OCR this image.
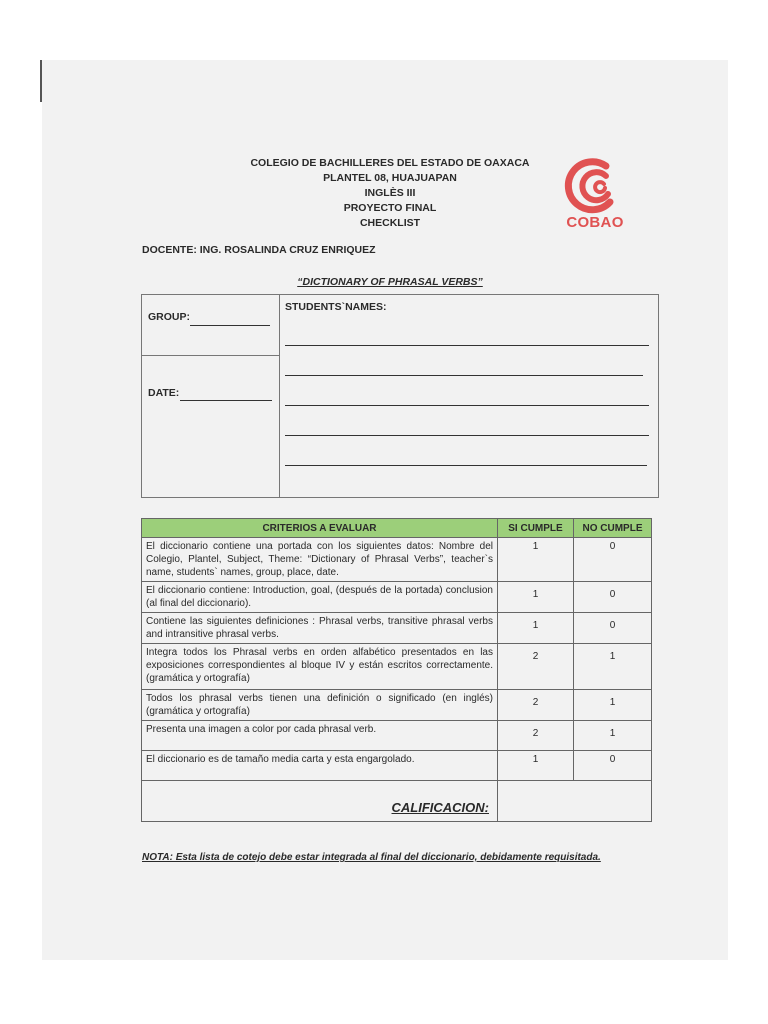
COLEGIO DE BACHILLERES DEL ESTADO DE OAXACA
PLANTEL 08, HUAJUAPAN
INGLÈS III
PROYECTO FINAL
CHECKLIST	COBAO
DOCENTE: ING. ROSALINDA CRUZ ENRIQUEZ
“DICTIONARY OF PHRASAL VERBS”
GROUP:
DATE:
STUDENTS`NAMES:
CRITERIOS A EVALUAR	SI CUMPLE	NO CUMPLE
El diccionario contiene una portada con los siguientes datos: Nombre del Colegio, Plantel, Subject, Theme: “Dictionary of Phrasal Verbs”, teacher`s name, students` names, group, place, date.	1	0
El diccionario contiene: Introduction, goal, (después de la portada) conclusion (al final del diccionario).	1	0
Contiene las siguientes definiciones : Phrasal verbs, transitive phrasal verbs and intransitive phrasal verbs.	1	0
Integra todos los Phrasal verbs en orden alfabético presentados en las exposiciones correspondientes al bloque IV y están escritos correctamente. (gramática y ortografía)	2	1
Todos los phrasal verbs tienen una definición o significado (en inglés) (gramática y ortografía)	2	1
Presenta una imagen a color por cada phrasal verb.	2	1
El diccionario es de tamaño media carta y esta engargolado.	1	0

CALIFICACION:		

NOTA: Esta lista de cotejo debe estar integrada al final del diccionario, debidamente requisitada.
